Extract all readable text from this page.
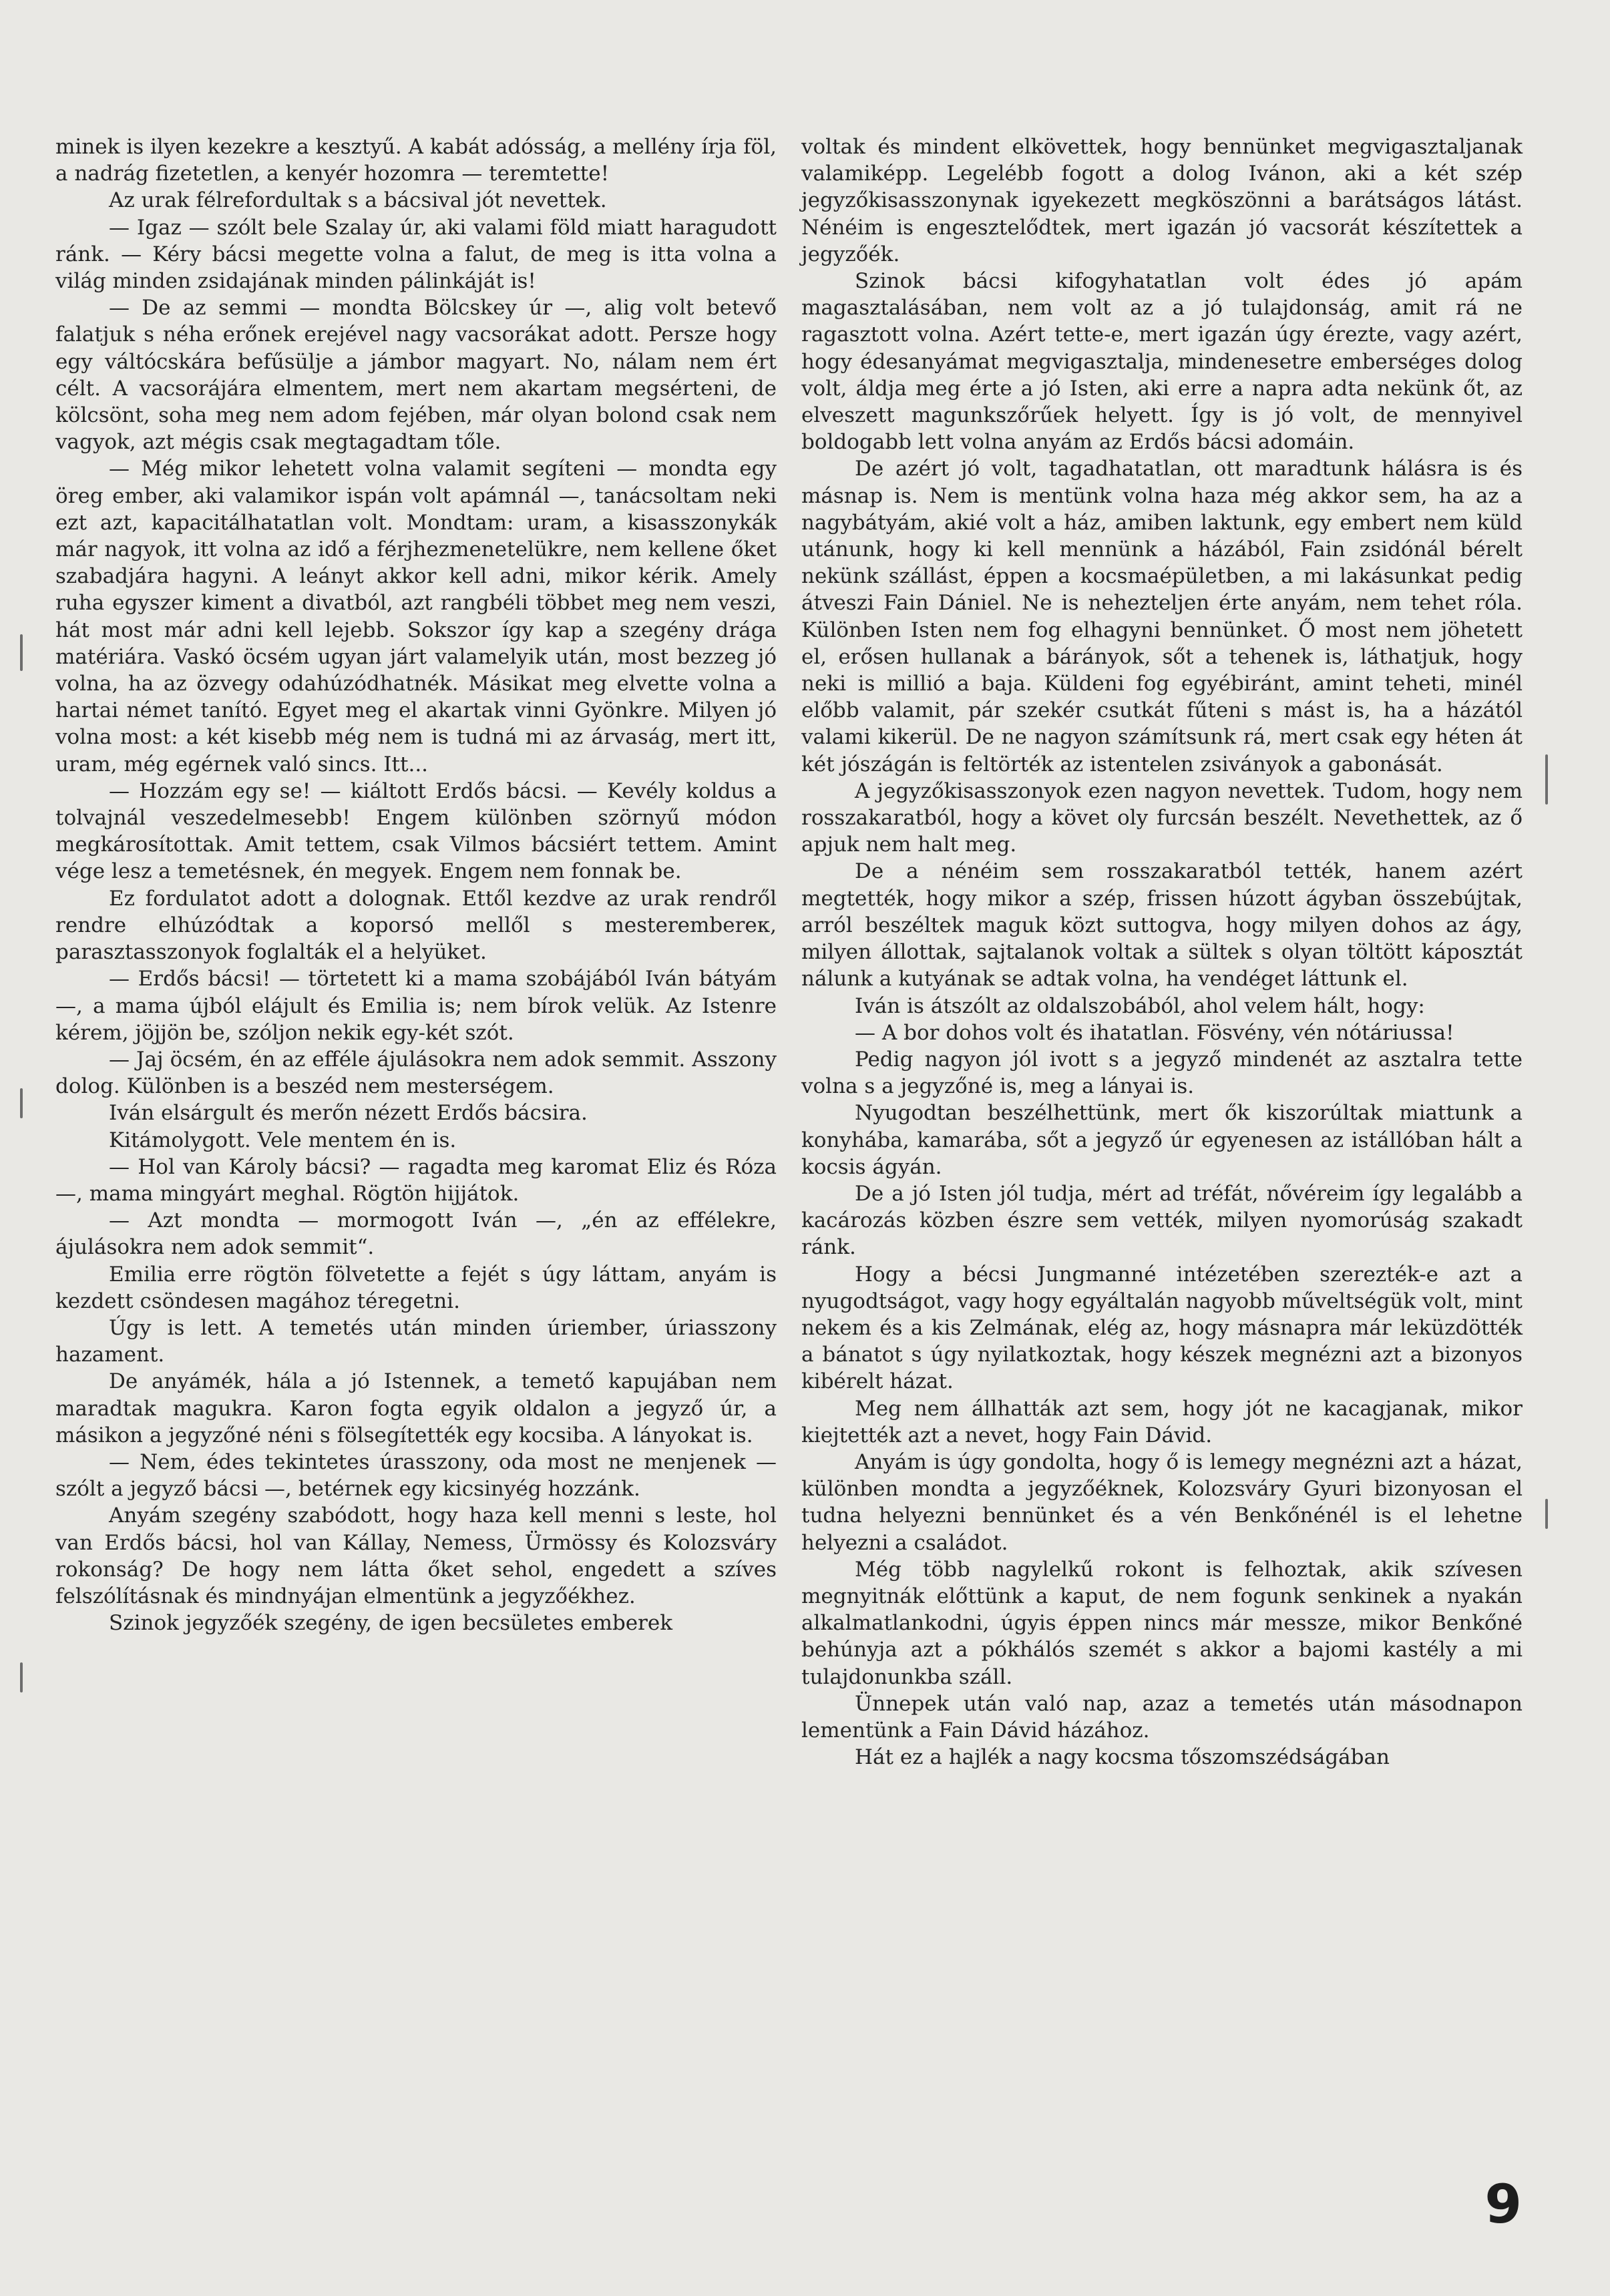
minek is ilyen kezekre a kesztyű. A kabát adósság, a mellény írja föl, a nadrág fizetetlen, a kenyér hozomra — teremtette!

Az urak félrefordultak s a bácsival jót nevettek.

— Igaz — szólt bele Szalay úr, aki valami föld miatt haragudott ránk. — Kéry bácsi megette volna a falut, de meg is itta volna a világ minden zsidajának minden pálinkáját is!

— De az semmi — mondta Bölcskey úr —, alig volt betevő falatjuk s néha erőnek erejével nagy vacsorákat adott. Persze hogy egy váltócskára befűsülje a jámbor magyart. No, nálam nem ért célt. A vacsorájára elmentem, mert nem akartam megsérteni, de kölcsönt, soha meg nem adom fejében, már olyan bolond csak nem vagyok, azt mégis csak megtagadtam tőle.

— Még mikor lehetett volna valamit segíteni — mondta egy öreg ember, aki valamikor ispán volt apámnál —, tanácsoltam neki ezt azt, kapacitálhatatlan volt. Mondtam: uram, a kisasszonykák már nagyok, itt volna az idő a férjhezmenetelükre, nem kellene őket szabadjára hagyni. A leányt akkor kell adni, mikor kérik. Amely ruha egyszer kiment a divatból, azt rangbéli többet meg nem veszi, hát most már adni kell lejebb. Sokszor így kap a szegény drága matériára. Vaskó öcsém ugyan járt valamelyik után, most bezzeg jó volna, ha az özvegy odahúzódhatnék. Másikat meg elvette volna a hartai német tanító. Egyet meg el akartak vinni Gyönkre. Milyen jó volna most: a két kisebb még nem is tudná mi az árvaság, mert itt, uram, még egérnek való sincs. Itt...

— Hozzám egy se! — kiáltott Erdős bácsi. — Kevély koldus a tolvajnál veszedelmesebb! Engem különben szörnyű módon megkárosítottak. Amit tettem, csak Vilmos bácsiért tettem. Amint vége lesz a temetésnek, én megyek. Engem nem fonnak be.

Ez fordulatot adott a dolognak. Ettől kezdve az urak rendről rendre elhúzódtak a koporsó mellől s mesterembereк, parasztasszonyok foglalták el a helyüket.

— Erdős bácsi! — törtetett ki a mama szobájából Iván bátyám —, a mama újból elájult és Emilia is; nem bírok velük. Az Istenre kérem, jöjjön be, szóljon nekik egy-két szót.

— Jaj öcsém, én az efféle ájulásokra nem adok semmit. Asszony dolog. Különben is a beszéd nem mesterségem.

Iván elsárgult és merőn nézett Erdős bácsira.

Kitámolygott. Vele mentem én is.

— Hol van Károly bácsi? — ragadta meg karomat Eliz és Róza —, mama mingyárt meghal. Rögtön hijjátok.

— Azt mondta — mormogott Iván —, „én az effélekre, ájulásokra nem adok semmit“.

Emilia erre rögtön fölvetette a fejét s úgy láttam, anyám is kezdett csöndesen magához téregetni.

Úgy is lett. A temetés után minden úriember, úriasszony hazament.

De anyámék, hála a jó Istennek, a temető kapujában nem maradtak magukra. Karon fogta egyik oldalon a jegyző úr, a másikon a jegyzőné néni s fölsegítették egy kocsiba. A lányokat is.

— Nem, édes tekintetes úrasszony, oda most ne menjenek — szólt a jegyző bácsi —, betérnek egy kicsinyég hozzánk.

Anyám szegény szabódott, hogy haza kell menni s leste, hol van Erdős bácsi, hol van Kállay, Nemess, Ürmössy és Kolozsváry rokonság? De hogy nem látta őket sehol, engedett a szíves felszólításnak és mindnyájan elmentünk a jegyzőékhez.

Szinok jegyzőék szegény, de igen becsületes emberek

voltak és mindent elkövettek, hogy bennünket megvigasztaljanak valamiképp. Legelébb fogott a dolog Ivánon, aki a két szép jegyzőkisasszonynak igyekezett megköszönni a barátságos látást. Nénéim is engesztelődtek, mert igazán jó vacsorát készítettek a jegyzőék.

Szinok bácsi kifogyhatatlan volt édes jó apám magasztalásában, nem volt az a jó tulajdonság, amit rá ne ragasztott volna. Azért tette-e, mert igazán úgy érezte, vagy azért, hogy édesanyámat megvigasztalja, mindenesetre emberséges dolog volt, áldja meg érte a jó Isten, aki erre a napra adta nekünk őt, az elveszett magunkszőrűek helyett. Így is jó volt, de mennyivel boldogabb lett volna anyám az Erdős bácsi adomáin.

De azért jó volt, tagadhatatlan, ott maradtunk hálásra is és másnap is. Nem is mentünk volna haza még akkor sem, ha az a nagybátyám, akié volt a ház, amiben laktunk, egy embert nem küld utánunk, hogy ki kell mennünk a házából, Fain zsidónál bérelt nekünk szállást, éppen a kocsmaépületben, a mi lakásunkat pedig átveszi Fain Dániel. Ne is neheztelјen érte anyám, nem tehet róla. Különben Isten nem fog elhagyni bennünket. Ő most nem jöhetett el, erősen hullanak a bárányok, sőt a tehenek is, láthatjuk, hogy neki is millió a baja. Küldeni fog egyébiránt, amint teheti, minél előbb valamit, pár szekér csutkát fűteni s mást is, ha a házától valami kikerül. De ne nagyon számítsunk rá, mert csak egy héten át két jószágán is feltörték az istentelen zsiványok a gabonását.

A jegyzőkisasszonyok ezen nagyon nevettek. Tudom, hogy nem rosszakaratból, hogy a követ oly furcsán beszélt. Nevethettek, az ő apjuk nem halt meg.

De a nénéim sem rosszakaratból tették, hanem azért megtették, hogy mikor a szép, frissen húzott ágyban összebújtak, arról beszéltek maguk közt suttogva, hogy milyen dohos az ágy, milyen állottak, sajtalanok voltak a sültek s olyan töltött káposztát nálunk a kutyának se adtak volna, ha vendéget láttunk el.

Iván is átszólt az oldalszobából, ahol velem hált, hogy:

— A bor dohos volt és ihatatlan. Fösvény, vén nótáriussa!

Pedig nagyon jól ivott s a jegyző mindenét az asztalra tette volna s a jegyzőné is, meg a lányai is.

Nyugodtan beszélhettünk, mert ők kiszorúltak miattunk a konyhába, kamarába, sőt a jegyző úr egyenesen az istállóban hált a kocsis ágyán.

De a jó Isten jól tudja, mért ad tréfát, nővéreim így legalább a kacározás közben észre sem vették, milyen nyomorúság szakadt ránk.

Hogy a bécsi Jungmanné intézetében szerezték-e azt a nyugodtságot, vagy hogy egyáltalán nagyobb műveltségük volt, mint nekem és a kis Zelmának, elég az, hogy másnapra már leküzdötték a bánatot s úgy nyilatkoztak, hogy készek megnézni azt a bizonyos kibérelt házat.

Meg nem állhatták azt sem, hogy jót ne kacagjanak, mikor kiejtették azt a nevet, hogy Fain Dávid.

Anyám is úgy gondolta, hogy ő is lemegy megnézni azt a házat, különben mondta a jegyzőéknek, Kolozsváry Gyuri bizonyosan el tudna helyezni bennünket és a vén Benkőnénél is el lehetne helyezni a családot.

Még több nagylelkű rokont is felhoztak, akik szívesen megnyitnák előttünk a kaput, de nem fogunk senkinek a nyakán alkalmatlankodni, úgyis éppen nincs már messze, mikor Benkőné behúnyja azt a pókhálós szemét s akkor a bajomi kastély a mi tulajdonunkba száll.

Ünnepek után való nap, azaz a temetés után másodnapon lementünk a Fain Dávid házához.

Hát ez a hajlék a nagy kocsma tőszomszédságában

9
